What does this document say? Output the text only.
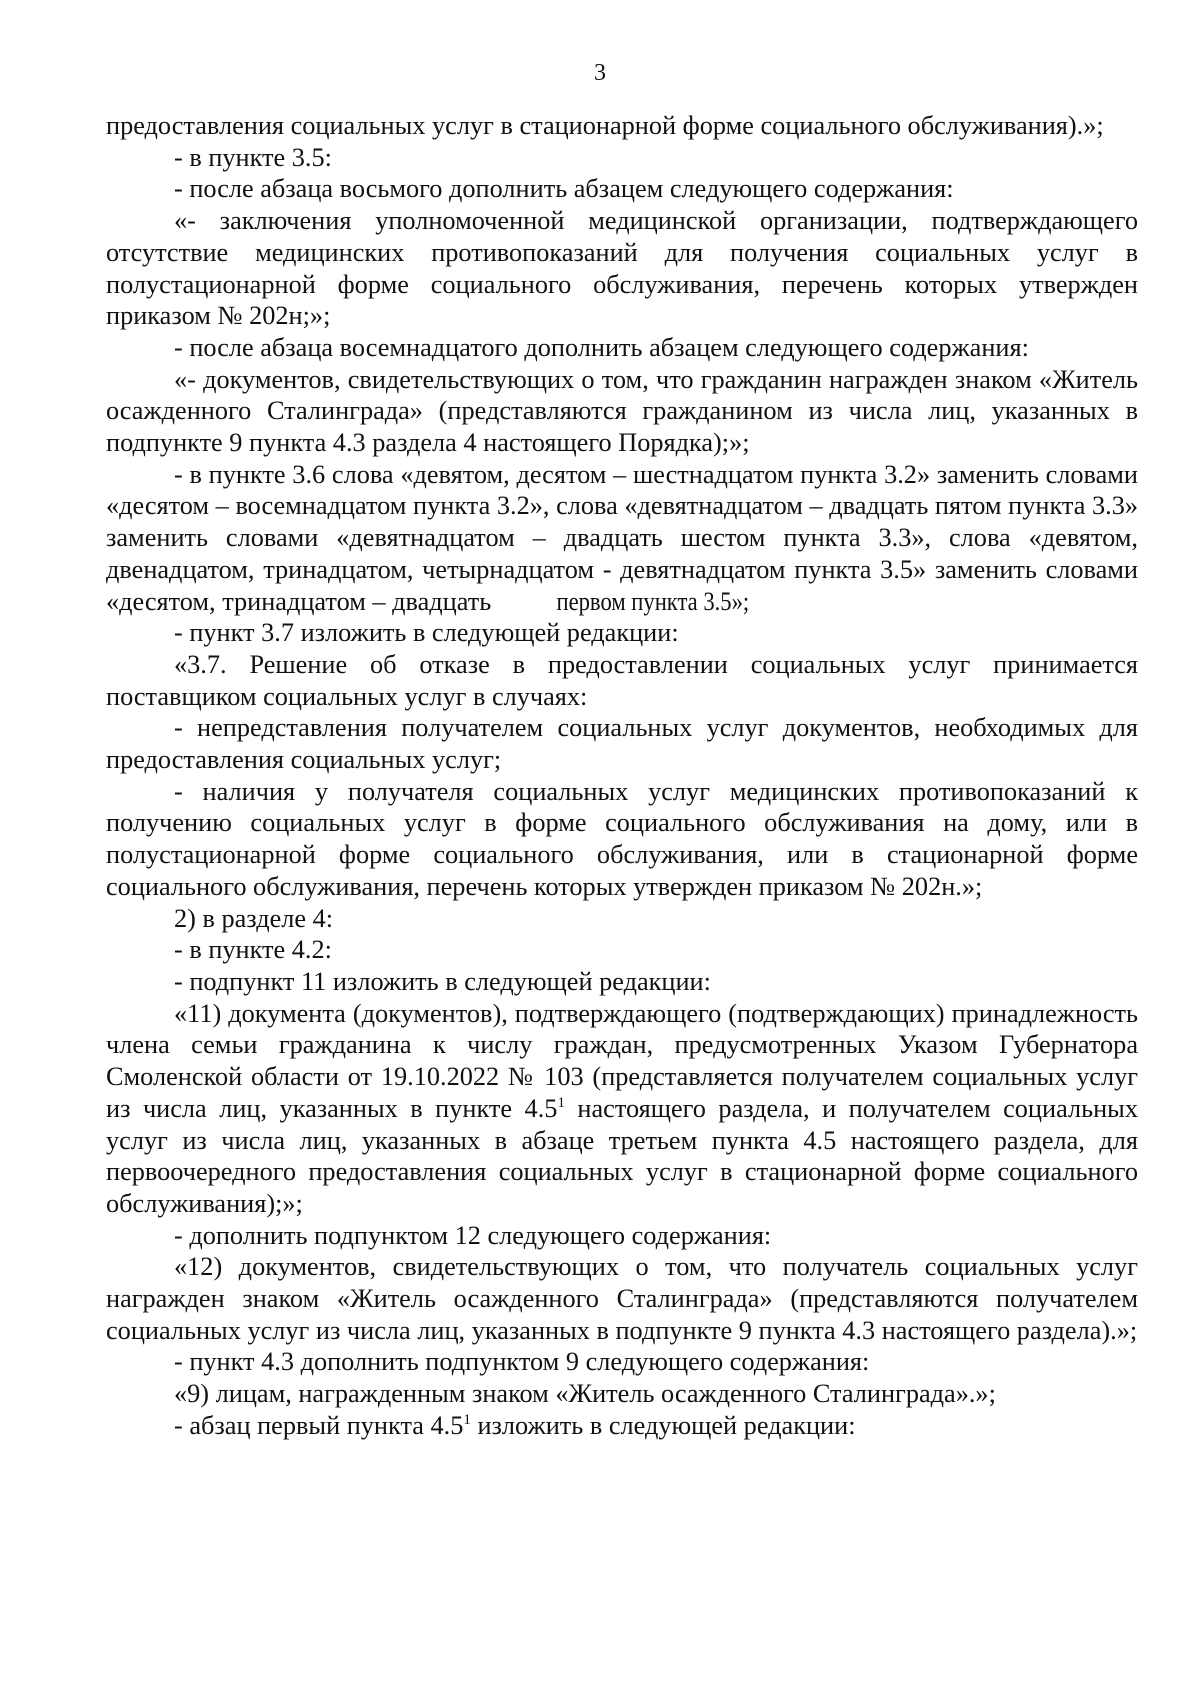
3

предоставления социальных услуг в стационарной форме социального обслуживания).»;

- в пункте 3.5:

- после абзаца восьмого дополнить абзацем следующего содержания:

«- заключения уполномоченной медицинской организации, подтверждающего отсутствие медицинских противопоказаний для получения социальных услуг в полустационарной форме социального обслуживания, перечень которых утвержден приказом № 202н;»;

- после абзаца восемнадцатого дополнить абзацем следующего содержания:

«- документов, свидетельствующих о том, что гражданин награжден знаком «Житель осажденного Сталинграда» (представляются гражданином из числа лиц, указанных в подпункте 9 пункта 4.3 раздела 4 настоящего Порядка);»;

- в пункте 3.6 слова «девятом, десятом – шестнадцатом пункта 3.2» заменить словами «десятом – восемнадцатом пункта 3.2», слова «девятнадцатом – двадцать пятом пункта 3.3» заменить словами «девятнадцатом – двадцать шестом пункта 3.3», слова «девятом, двенадцатом, тринадцатом, четырнадцатом - девятнадцатом пункта 3.5» заменить словами «десятом, тринадцатом – двадцать первом пункта 3.5»;

- пункт 3.7 изложить в следующей редакции:

«3.7. Решение об отказе в предоставлении социальных услуг принимается поставщиком социальных услуг в случаях:

- непредставления получателем социальных услуг документов, необходимых для предоставления социальных услуг;

- наличия у получателя социальных услуг медицинских противопоказаний к получению социальных услуг в форме социального обслуживания на дому, или в полустационарной форме социального обслуживания, или в стационарной форме социального обслуживания, перечень которых утвержден приказом № 202н.»;

2) в разделе 4:

- в пункте 4.2:

- подпункт 11 изложить в следующей редакции:

«11) документа (документов), подтверждающего (подтверждающих) принадлежность члена семьи гражданина к числу граждан, предусмотренных Указом Губернатора Смоленской области от 19.10.2022 № 103 (представляется получателем социальных услуг из числа лиц, указанных в пункте $4.5^1$ настоящего раздела, и получателем социальных услуг из числа лиц, указанных в абзаце третьем пункта 4.5 настоящего раздела, для первоочередного предоставления социальных услуг в стационарной форме социального обслуживания);»;

- дополнить подпунктом 12 следующего содержания:

«12) документов, свидетельствующих о том, что получатель социальных услуг награжден знаком «Житель осажденного Сталинграда» (представляются получателем социальных услуг из числа лиц, указанных в подпункте 9 пункта 4.3 настоящего раздела).»;

- пункт 4.3 дополнить подпунктом 9 следующего содержания:

«9) лицам, награжденным знаком «Житель осажденного Сталинграда».»;

- абзац первый пункта $4.5^1$ изложить в следующей редакции:
